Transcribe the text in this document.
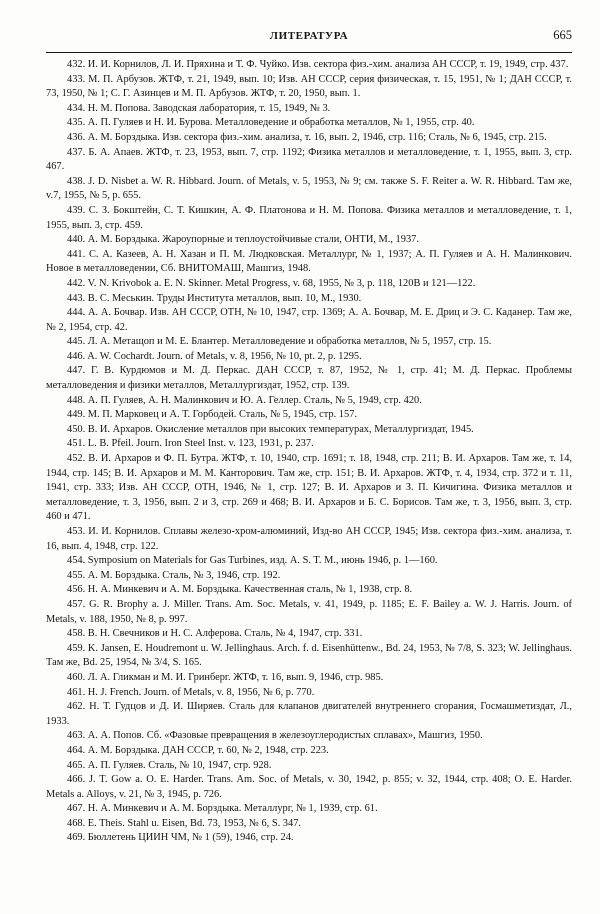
ЛИТЕРАТУРА	665

432. И. И. Корнилов, Л. И. Пряхина и Т. Ф. Чуйко. Изв. сектора физ.-хим. анализа АН СССР, т. 19, 1949, стр. 437.

433. М. П. Арбузов. ЖТФ, т. 21, 1949, вып. 10; Изв. АН СССР, серия физическая, т. 15, 1951, № 1; ДАН СССР, т. 73, 1950, № 1; С. Г. Азинцев и М. П. Арбузов. ЖТФ, т. 20, 1950, вып. 1.

434. Н. М. Попова. Заводская лаборатория, т. 15, 1949, № 3.

435. А. П. Гуляев и Н. И. Бурова. Металловедение и обработка металлов, № 1, 1955, стр. 40.

436. А. М. Борздыка. Изв. сектора физ.-хим. анализа, т. 16, вып. 2, 1946, стр. 116; Сталь, № 6, 1945, стр. 215.

437. Б. А. Апаев. ЖТФ, т. 23, 1953, вып. 7, стр. 1192; Физика металлов и металловедение, т. 1, 1955, вып. 3, стр. 467.

438. J. D. Nisbet a. W. R. Hibbard. Journ. of Metals, v. 5, 1953, № 9; см. также S. F. Reiter a. W. R. Hibbard. Там же, v.7, 1955, № 5, p. 655.

439. С. З. Бокштейн, С. Т. Кишкин, А. Ф. Платонова и Н. М. Попова. Физика металлов и металловедение, т. 1, 1955, вып. 3, стр. 459.

440. А. М. Борздыка. Жароупорные и теплоустойчивые стали, ОНТИ, М., 1937.

441. С. А. Казеев, А. Н. Хазан и П. М. Людковская. Металлург, № 1, 1937; А. П. Гуляев и А. Н. Малинкович. Новое в металловедении, Сб. ВНИТОМАШ, Машгиз, 1948.

442. V. N. Krivobok a. E. N. Skinner. Metal Progress, v. 68, 1955, № 3, p. 118, 120B и 121—122.

443. В. С. Меськин. Труды Института металлов, вып. 10, М., 1930.

444. А. А. Бочвар. Изв. АН СССР, ОТН, № 10, 1947, стр. 1369; А. А. Бочвар, М. Е. Дриц и Э. С. Каданер. Там же, № 2, 1954, стр. 42.

445. Л. А. Метащоп и М. Е. Блантер. Металловедение и обработка металлов, № 5, 1957, стр. 15.

446. A. W. Cochardt. Journ. of Metals, v. 8, 1956, № 10, pt. 2, p. 1295.

447. Г. В. Курдюмов и М. Д. Перкас. ДАН СССР, т. 87, 1952, № 1, стр. 41; М. Д. Перкас. Проблемы металловедения и физики металлов, Металлургиздат, 1952, стр. 139.

448. А. П. Гуляев, А. Н. Малинкович и Ю. А. Геллер. Сталь, № 5, 1949, стр. 420.

449. М. П. Марковец и А. Т. Горбодей. Сталь, № 5, 1945, стр. 157.

450. В. И. Архаров. Окисление металлов при высоких температурах, Металлургиздат, 1945.

451. L. B. Pfeil. Journ. Iron Steel Inst. v. 123, 1931, p. 237.

452. В. И. Архаров и Ф. П. Бутра. ЖТФ, т. 10, 1940, стр. 1691; т. 18, 1948, стр. 211; В. И. Архаров. Там же, т. 14, 1944, стр. 145; В. И. Архаров и М. М. Канторович. Там же, стр. 151; В. И. Архаров. ЖТФ, т. 4, 1934, стр. 372 и т. 11, 1941, стр. 333; Изв. АН СССР, ОТН, 1946, № 1, стр. 127; В. И. Архаров и З. П. Кичигина. Физика металлов и металловедение, т. 3, 1956, вып. 2 и 3, стр. 269 и 468; В. И. Архаров и Б. С. Борисов. Там же, т. 3, 1956, вып. 3, стр. 460 и 471.

453. И. И. Корнилов. Сплавы железо-хром-алюминий, Изд-во АН СССР, 1945; Изв. сектора физ.-хим. анализа, т. 16, вып. 4, 1948, стр. 122.

454. Symposium on Materials for Gas Turbines, изд. A. S. T. M., июнь 1946, p. 1—160.

455. А. М. Борздыка. Сталь, № 3, 1946, стр. 192.

456. Н. А. Минкевич и А. М. Борздыка. Качественная сталь, № 1, 1938, стр. 8.

457. G. R. Brophy a. J. Miller. Trans. Am. Soc. Metals, v. 41, 1949, p. 1185; E. F. Bailey a. W. J. Harris. Journ. of Metals, v. 188, 1950, № 8, p. 997.

458. В. Н. Свечников и Н. С. Алферова. Сталь, № 4, 1947, стр. 331.

459. K. Jansen, E. Houdremont u. W. Jellinghaus. Arch. f. d. Eisenhüttenw., Bd. 24, 1953, № 7/8, S. 323; W. Jellinghaus. Там же, Bd. 25, 1954, № 3/4, S. 165.

460. Л. А. Гликман и М. И. Гринберг. ЖТФ, т. 16, вып. 9, 1946, стр. 985.

461. H. J. French. Journ. of Metals, v. 8, 1956, № 6, p. 770.

462. Н. Т. Гудцов и Д. И. Ширяев. Сталь для клапанов двигателей внутреннего сгорания, Госмашметиздат, Л., 1933.

463. А. А. Попов. Сб. «Фазовые превращения в железоуглеродистых сплавах», Машгиз, 1950.

464. А. М. Борздыка. ДАН СССР, т. 60, № 2, 1948, стр. 223.

465. А. П. Гуляев. Сталь, № 10, 1947, стр. 928.

466. J. T. Gow a. O. E. Harder. Trans. Am. Soc. of Metals, v. 30, 1942, p. 855; v. 32, 1944, стр. 408; O. E. Harder. Metals a. Alloys, v. 21, № 3, 1945, p. 726.

467. Н. А. Минкевич и А. М. Борздыка. Металлург, № 1, 1939, стр. 61.

468. E. Theis. Stahl u. Eisen, Bd. 73, 1953, № 6, S. 347.

469. Бюллетень ЦИИН ЧМ, № 1 (59), 1946, стр. 24.
